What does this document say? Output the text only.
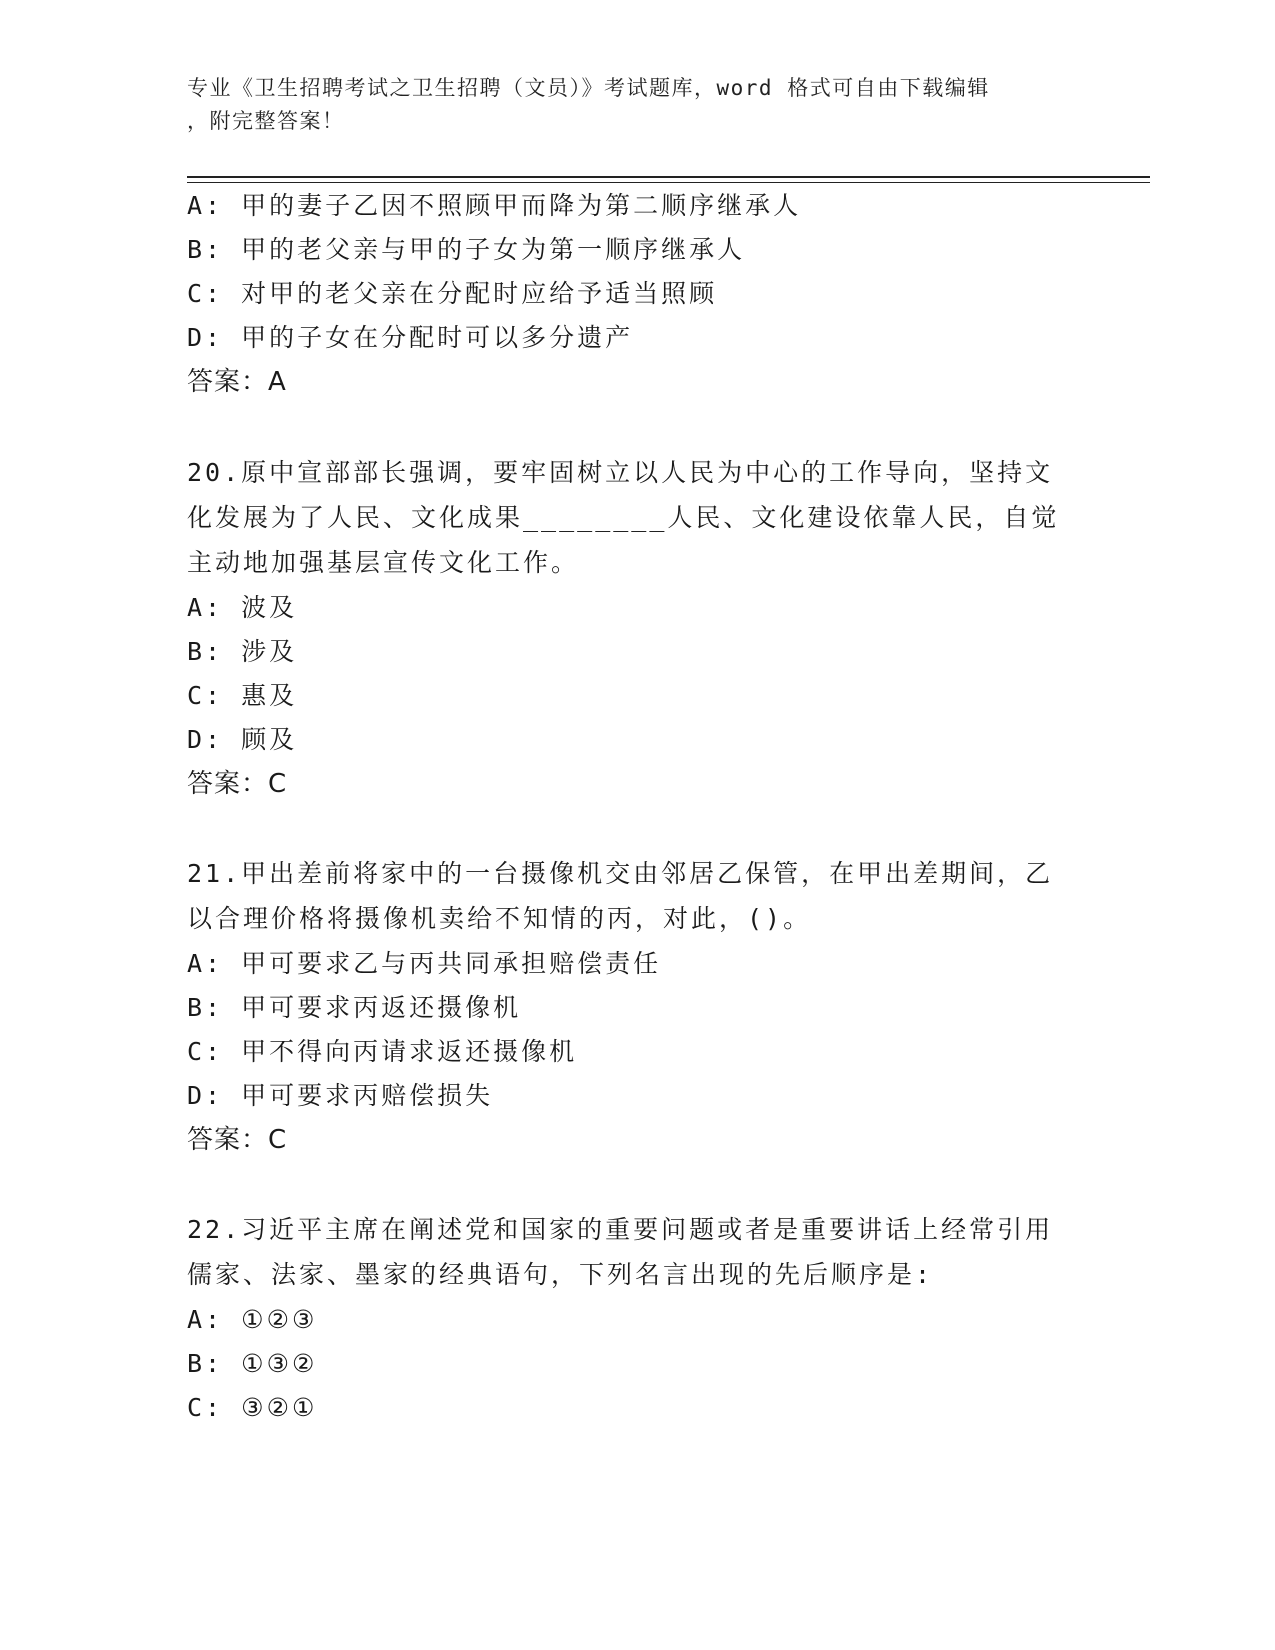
专业《卫生招聘考试之卫生招聘（文员）》考试题库，word 格式可自由下载编辑
，附完整答案！
A: 甲的妻子乙因不照顾甲而降为第二顺序继承人
B: 甲的老父亲与甲的子女为第一顺序继承人
C: 对甲的老父亲在分配时应给予适当照顾
D: 甲的子女在分配时可以多分遗产
答案：A
20.原中宣部部长强调，要牢固树立以人民为中心的工作导向，坚持文
化发展为了人民、文化成果________人民、文化建设依靠人民，自觉
主动地加强基层宣传文化工作。
A: 波及
B: 涉及
C: 惠及
D: 顾及
答案：C
21.甲出差前将家中的一台摄像机交由邻居乙保管，在甲出差期间，乙
以合理价格将摄像机卖给不知情的丙，对此，()。
A: 甲可要求乙与丙共同承担赔偿责任
B: 甲可要求丙返还摄像机
C: 甲不得向丙请求返还摄像机
D: 甲可要求丙赔偿损失
答案：C
22.习近平主席在阐述党和国家的重要问题或者是重要讲话上经常引用
儒家、法家、墨家的经典语句，下列名言出现的先后顺序是:
A: ①②③
B: ①③②
C: ③②①
